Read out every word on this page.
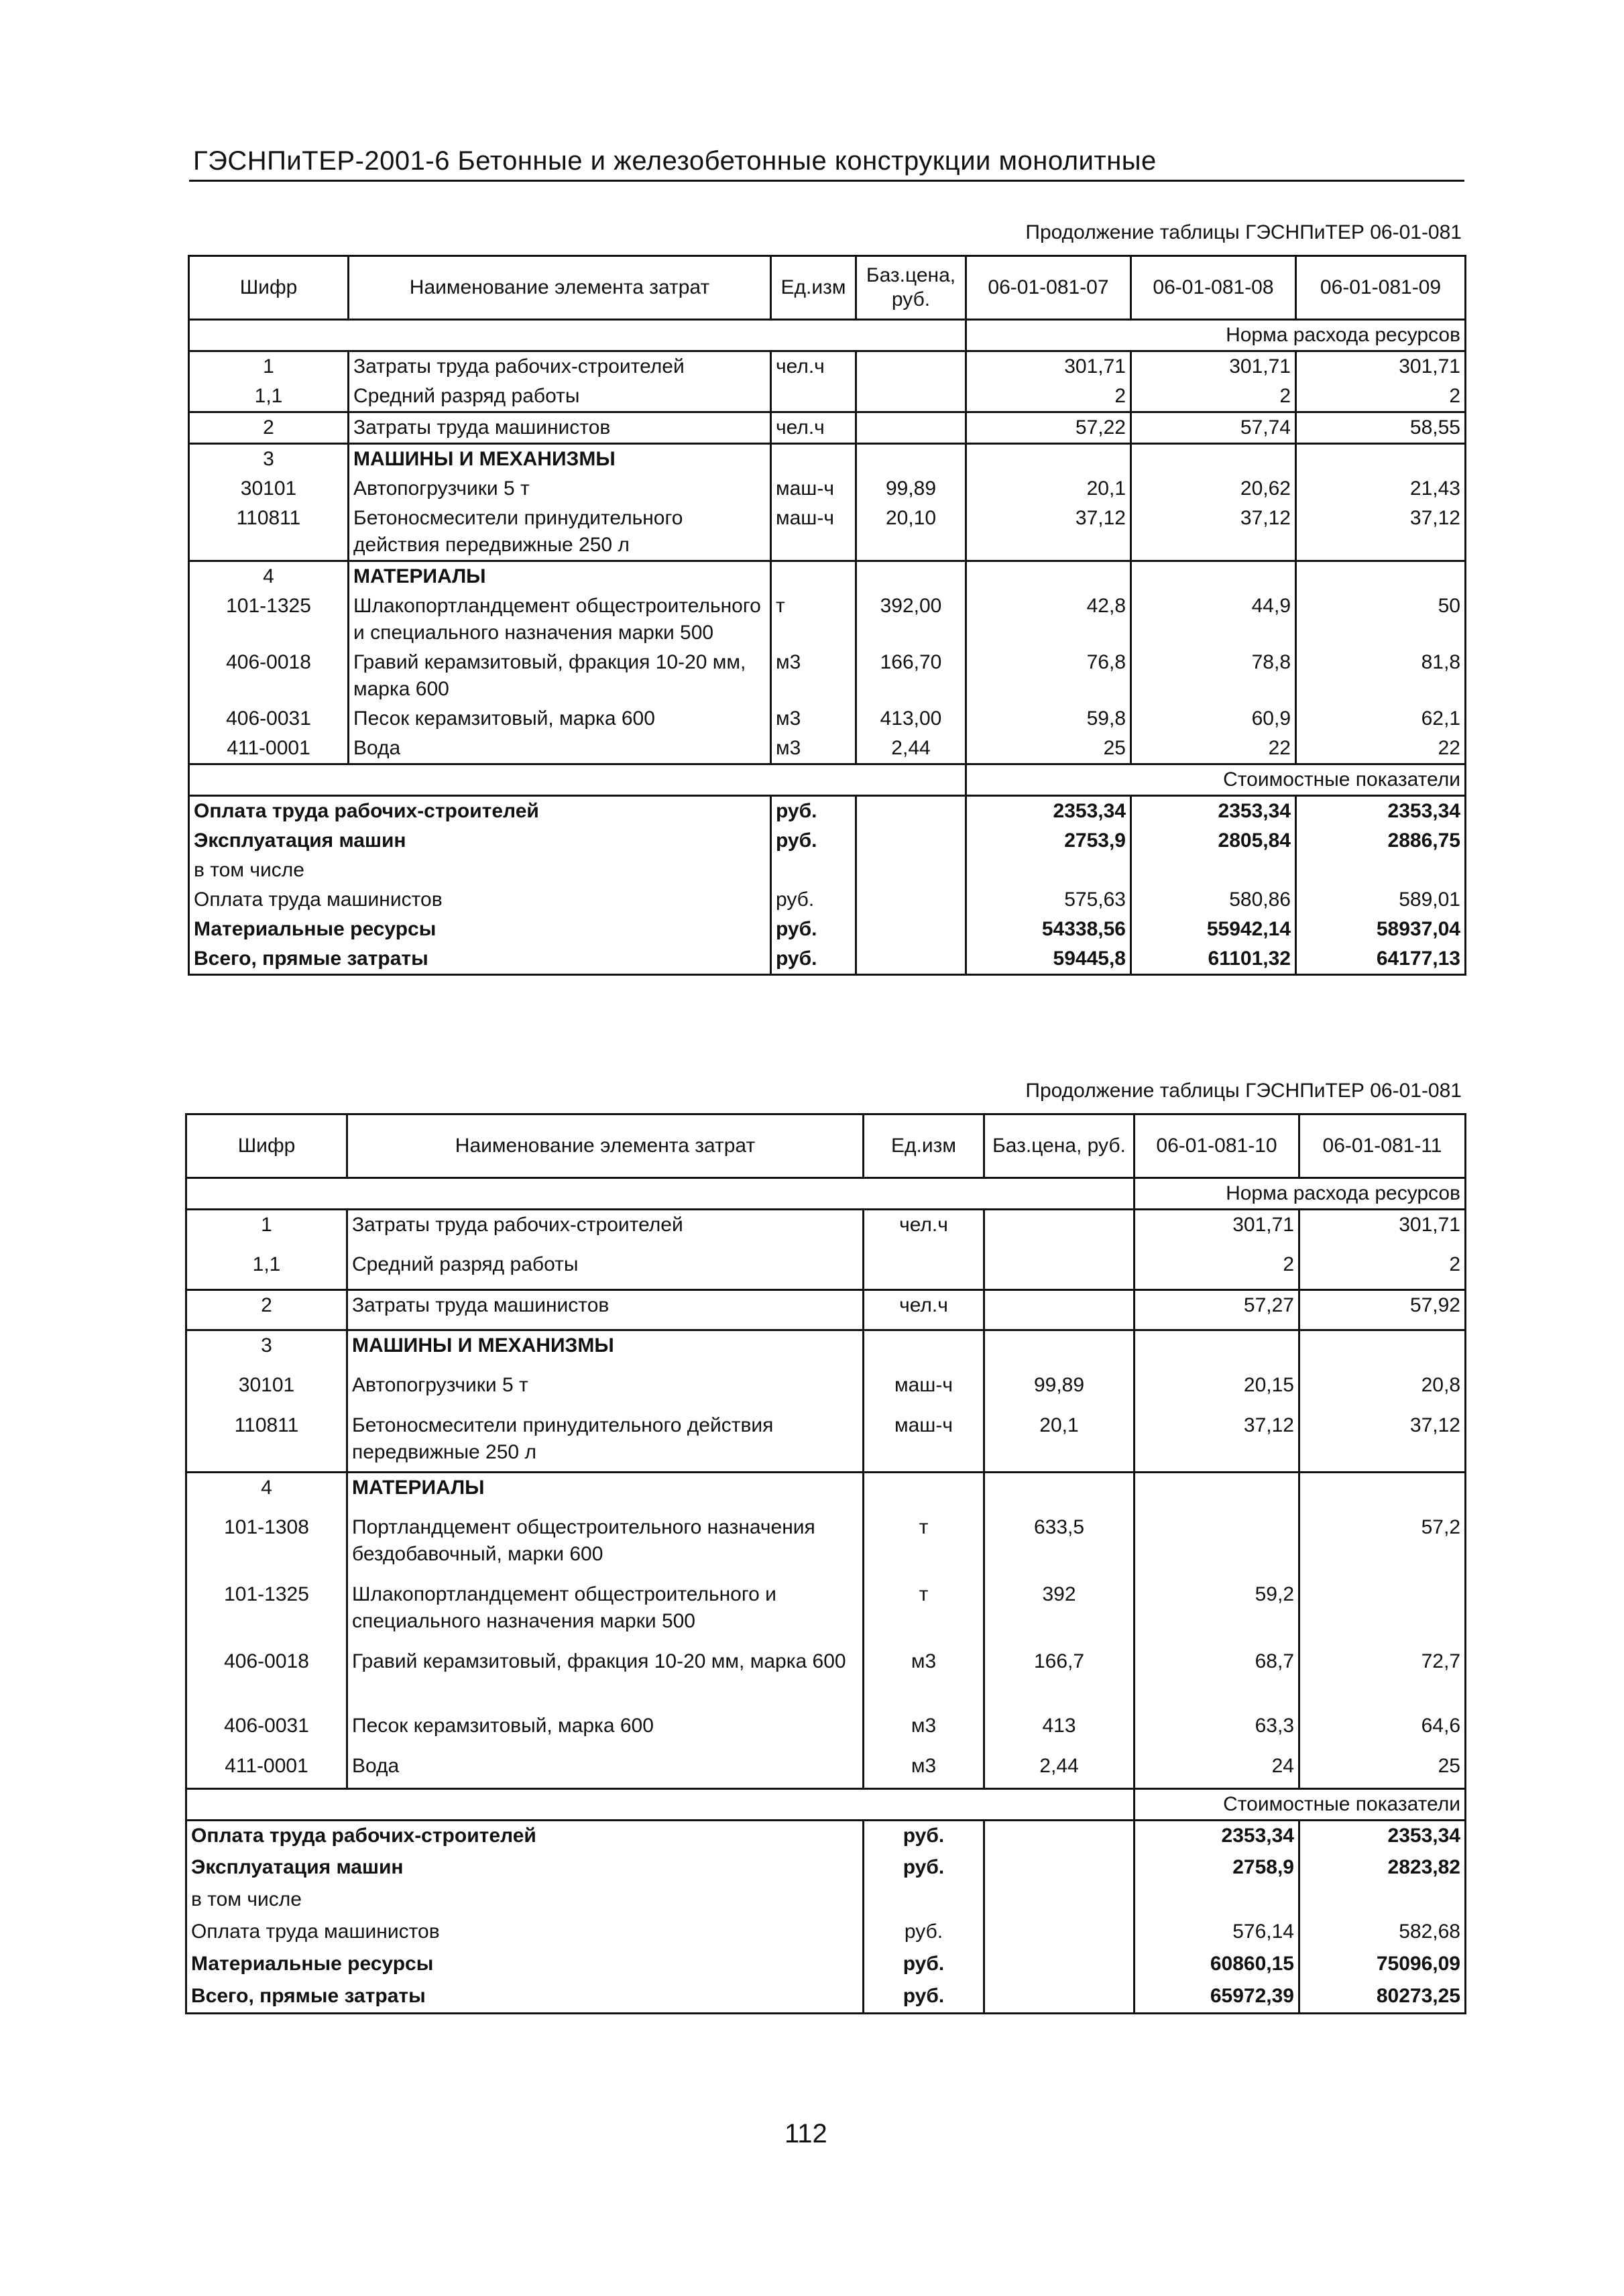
ГЭСНПиТЕР-2001-6 Бетонные и железобетонные конструкции монолитные
Продолжение таблицы ГЭСНПиТЕР 06-01-081
Шифр	Наименование элемента затрат	Ед.изм	Баз.цена, руб.	06-01-081-07	06-01-081-08	06-01-081-09
				Норма расхода ресурсов		
1	Затраты труда рабочих-строителей	чел.ч		301,71	301,71	301,71
1,1	Средний разряд работы			2	2	2
2	Затраты труда машинистов	чел.ч		57,22	57,74	58,55
3	МАШИНЫ И МЕХАНИЗМЫ					
30101	Автопогрузчики 5 т	маш-ч	99,89	20,1	20,62	21,43
110811	Бетоносмесители принудительного действия передвижные 250 л	маш-ч	20,10	37,12	37,12	37,12
4	МАТЕРИАЛЫ					
101-1325	Шлакопортландцемент общестроительного и специального назначения марки 500	т	392,00	42,8	44,9	50
406-0018	Гравий керамзитовый, фракция 10-20 мм, марка 600	м3	166,70	76,8	78,8	81,8
406-0031	Песок керамзитовый, марка 600	м3	413,00	59,8	60,9	62,1
411-0001	Вода	м3	2,44	25	22	22
				Стоимостные показатели		
Оплата труда рабочих-строителей		руб.		2353,34	2353,34	2353,34
Эксплуатация машин		руб.		2753,9	2805,84	2886,75
в том числе						
Оплата труда машинистов		руб.		575,63	580,86	589,01
Материальные ресурсы		руб.		54338,56	55942,14	58937,04
Всего, прямые затраты		руб.		59445,8	61101,32	64177,13
Продолжение таблицы ГЭСНПиТЕР 06-01-081
Шифр	Наименование элемента затрат	Ед.изм	Баз.цена, руб.	06-01-081-10	06-01-081-11
				Норма расхода ресурсов	
1	Затраты труда рабочих-строителей	чел.ч		301,71	301,71
1,1	Средний разряд работы			2	2
2	Затраты труда машинистов	чел.ч		57,27	57,92
3	МАШИНЫ И МЕХАНИЗМЫ				
30101	Автопогрузчики 5 т	маш-ч	99,89	20,15	20,8
110811	Бетоносмесители принудительного действия передвижные 250 л	маш-ч	20,1	37,12	37,12
4	МАТЕРИАЛЫ				
101-1308	Портландцемент общестроительного назначения бездобавочный, марки 600	т	633,5		57,2
101-1325	Шлакопортландцемент общестроительного и специального назначения марки 500	т	392	59,2	
406-0018	Гравий керамзитовый, фракция 10-20 мм, марка 600	м3	166,7	68,7	72,7
406-0031	Песок керамзитовый, марка 600	м3	413	63,3	64,6
411-0001	Вода	м3	2,44	24	25
				Стоимостные показатели	
Оплата труда рабочих-строителей		руб.		2353,34	2353,34
Эксплуатация машин		руб.		2758,9	2823,82
в том числе					
Оплата труда машинистов		руб.		576,14	582,68
Материальные ресурсы		руб.		60860,15	75096,09
Всего, прямые затраты		руб.		65972,39	80273,25
112
